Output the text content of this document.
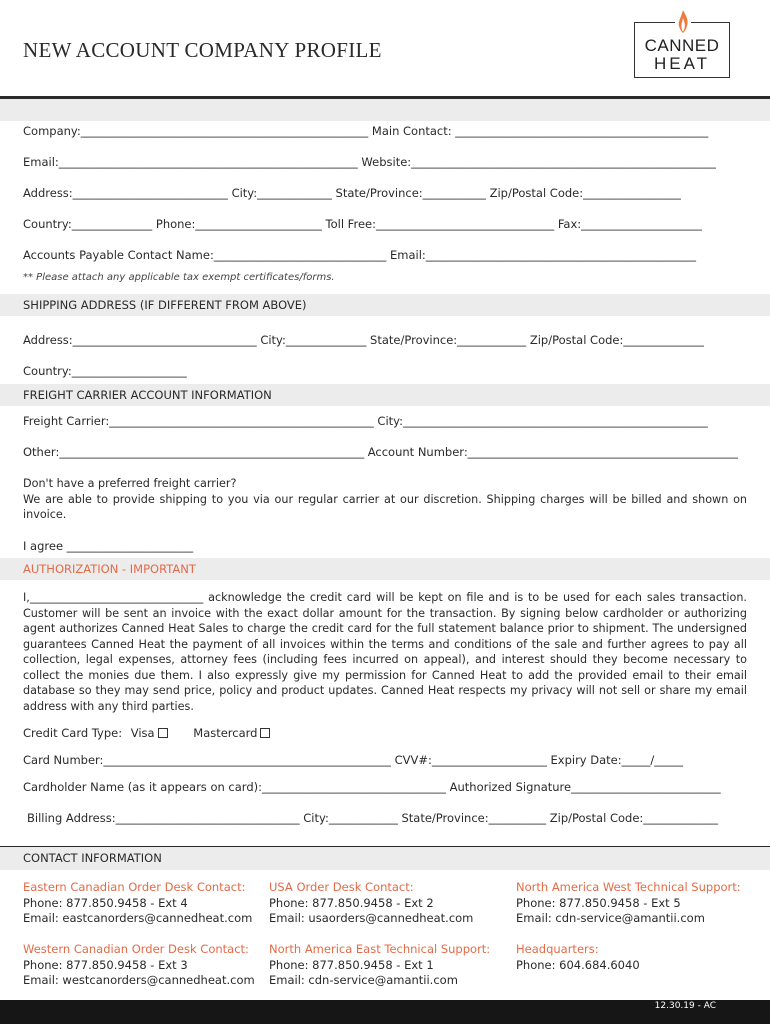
NEW ACCOUNT COMPANY PROFILE	CANNED
HEAT
Company:__________________________________________________ Main Contact: ____________________________________________
Email:____________________________________________________ Website:_____________________________________________________
Address:___________________________ City:_____________ State/Province:___________ Zip/Postal Code:_________________
Country:______________ Phone:______________________ Toll Free:_______________________________ Fax:_____________________
Accounts Payable Contact Name:______________________________ Email:_______________________________________________
** Please attach any applicable tax exempt certificates/forms.
SHIPPING ADDRESS (IF DIFFERENT FROM ABOVE)
Address:________________________________ City:______________ State/Province:____________ Zip/Postal Code:______________
Country:____________________
FREIGHT CARRIER ACCOUNT INFORMATION
Freight Carrier:______________________________________________ City:_____________________________________________________
Other:_____________________________________________________ Account Number:_______________________________________________

Don't have a preferred freight carrier?

We are able to provide shipping to you via our regular carrier at our discretion. Shipping charges will be billed and shown on invoice.

I agree ______________________
AUTHORIZATION - IMPORTANT
I,_______________________________ acknowledge the credit card will be kept on file and is to be used for each sales transaction. Customer will be sent an invoice with the exact dollar amount for the transaction. By signing below cardholder or authorizing agent authorizes Canned Heat Sales to charge the credit card for the full statement balance prior to shipment. The undersigned guarantees Canned Heat the payment of all invoices within the terms and conditions of the sale and further agrees to pay all collection, legal expenses, attorney fees (including fees incurred on appeal), and interest should they become necessary to collect the monies due them. I also expressly give my permission for Canned Heat to add the provided email to their email database so they may send price, policy and product updates. Canned Heat respects my privacy will not sell or share my email address with any third parties.
Credit Card Type: Visa	Mastercard
Card Number:__________________________________________________ CVV#:____________________ Expiry Date:_____/_____
Cardholder Name (as it appears on card):________________________________ Authorized Signature__________________________
Billing Address:________________________________ City:____________ State/Province:__________ Zip/Postal Code:_____________
CONTACT INFORMATION
Eastern Canadian Order Desk Contact:
Phone: 877.850.9458 - Ext 4
Email: eastcanorders@cannedheat.com
USA Order Desk Contact:
Phone: 877.850.9458 - Ext 2
Email: usaorders@cannedheat.com
North America West Technical Support:
Phone: 877.850.9458 - Ext 5
Email: cdn-service@amantii.com
Western Canadian Order Desk Contact:
Phone: 877.850.9458 - Ext 3
Email: westcanorders@cannedheat.com
North America East Technical Support:
Phone: 877.850.9458 - Ext 1
Email: cdn-service@amantii.com
Headquarters:
Phone: 604.684.6040
12.30.19 - AC
